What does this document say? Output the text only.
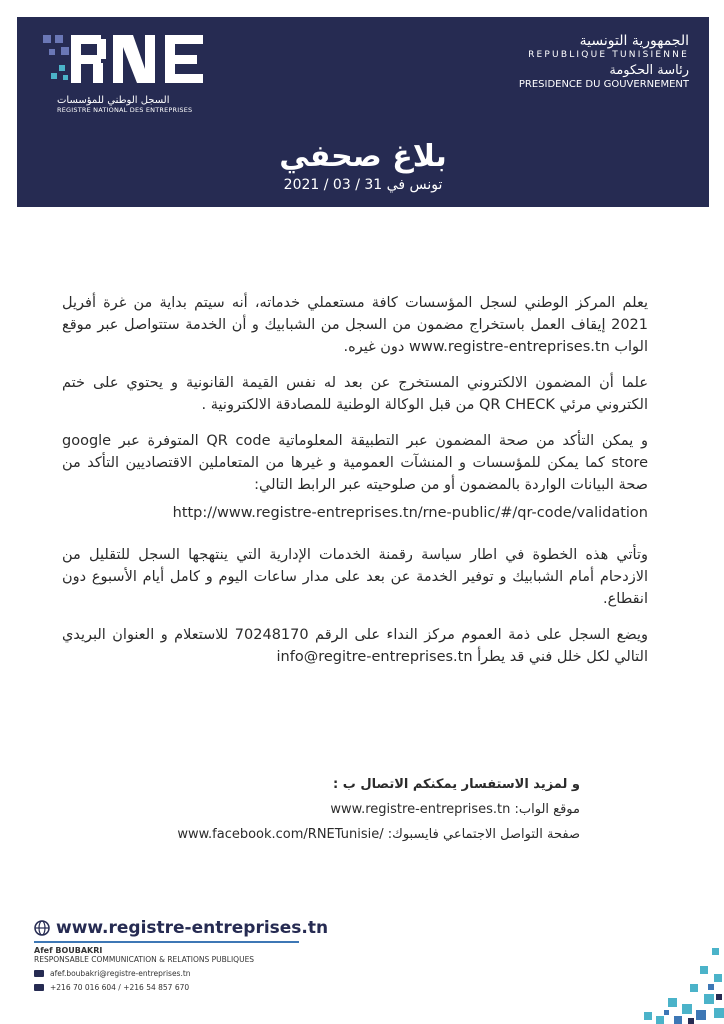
السجل الوطني للمؤسسات
REGISTRE NATIONAL DES ENTREPRISES
الجمهورية التونسية
REPUBLIQUE TUNISIENNE
رئاسة الحكومة
PRESIDENCE DU GOUVERNEMENT
بلاغ صحفي
تونس في 31 / 03 / 2021

يعلم المركز الوطني لسجل المؤسسات كافة مستعملي خدماته، أنه سيتم بداية من غرة أفريل 2021 إيقاف العمل باستخراج مضمون من السجل من الشبابيك و أن الخدمة ستتواصل عبر موقع الواب www.registre-entreprises.tn دون غيره.

علما أن المضمون الالكتروني المستخرج عن بعد له نفس القيمة القانونية و يحتوي على ختم الكتروني مرئي QR CHECK من قبل الوكالة الوطنية للمصادقة الالكترونية .

و يمكن التأكد من صحة المضمون عبر التطبيقة المعلوماتية QR code المتوفرة عبر google store كما يمكن للمؤسسات و المنشآت العمومية و غيرها من المتعاملين الاقتصاديين التأكد من صحة البيانات الواردة بالمضمون أو من صلوحيته عبر الرابط التالي:

http://www.registre-entreprises.tn/rne-public/#/qr-code/validation

وتأتي هذه الخطوة في اطار سياسة رقمنة الخدمات الإدارية التي ينتهجها السجل للتقليل من الازدحام أمام الشبابيك و توفير الخدمة عن بعد على مدار ساعات اليوم و كامل أيام الأسبوع دون انقطاع.

ويضع السجل على ذمة العموم مركز النداء على الرقم 70248170 للاستعلام و العنوان البريدي التالي لكل خلل فني قد يطرأ info@regitre-entreprises.tn

و لمزيد الاستفسار يمكنكم الاتصال ب :
موقع الواب: www.registre-entreprises.tn
صفحة التواصل الاجتماعي فايسبوك: /www.facebook.com/RNETunisie
www.registre-entreprises.tn
Afef BOUBAKRI
RESPONSABLE COMMUNICATION & RELATIONS PUBLIQUES
afef.boubakri@registre-entreprises.tn
+216 70 016 604 / +216 54 857 670
